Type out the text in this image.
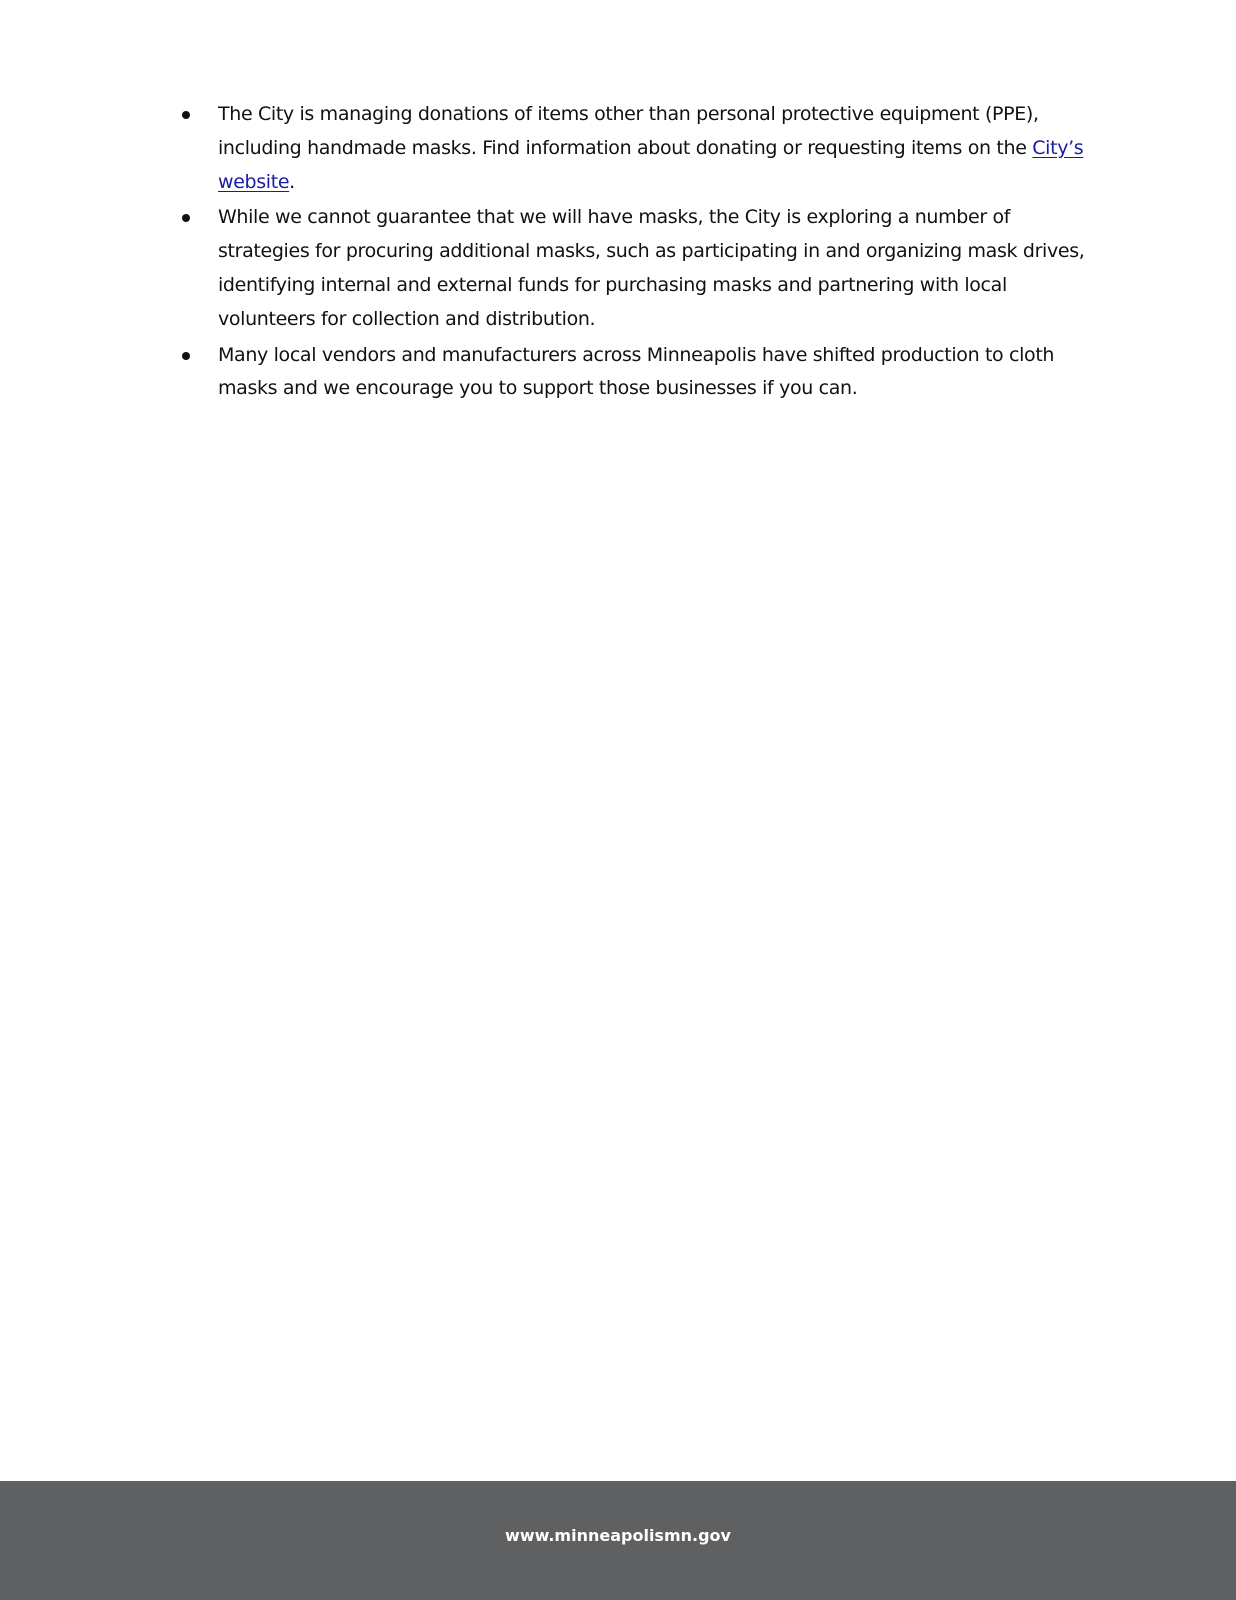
The City is managing donations of items other than personal protective equipment (PPE), including handmade masks. Find information about donating or requesting items on the City’s website.
While we cannot guarantee that we will have masks, the City is exploring a number of strategies for procuring additional masks, such as participating in and organizing mask drives, identifying internal and external funds for purchasing masks and partnering with local volunteers for collection and distribution.
Many local vendors and manufacturers across Minneapolis have shifted production to cloth masks and we encourage you to support those businesses if you can.
www.minneapolismn.gov
